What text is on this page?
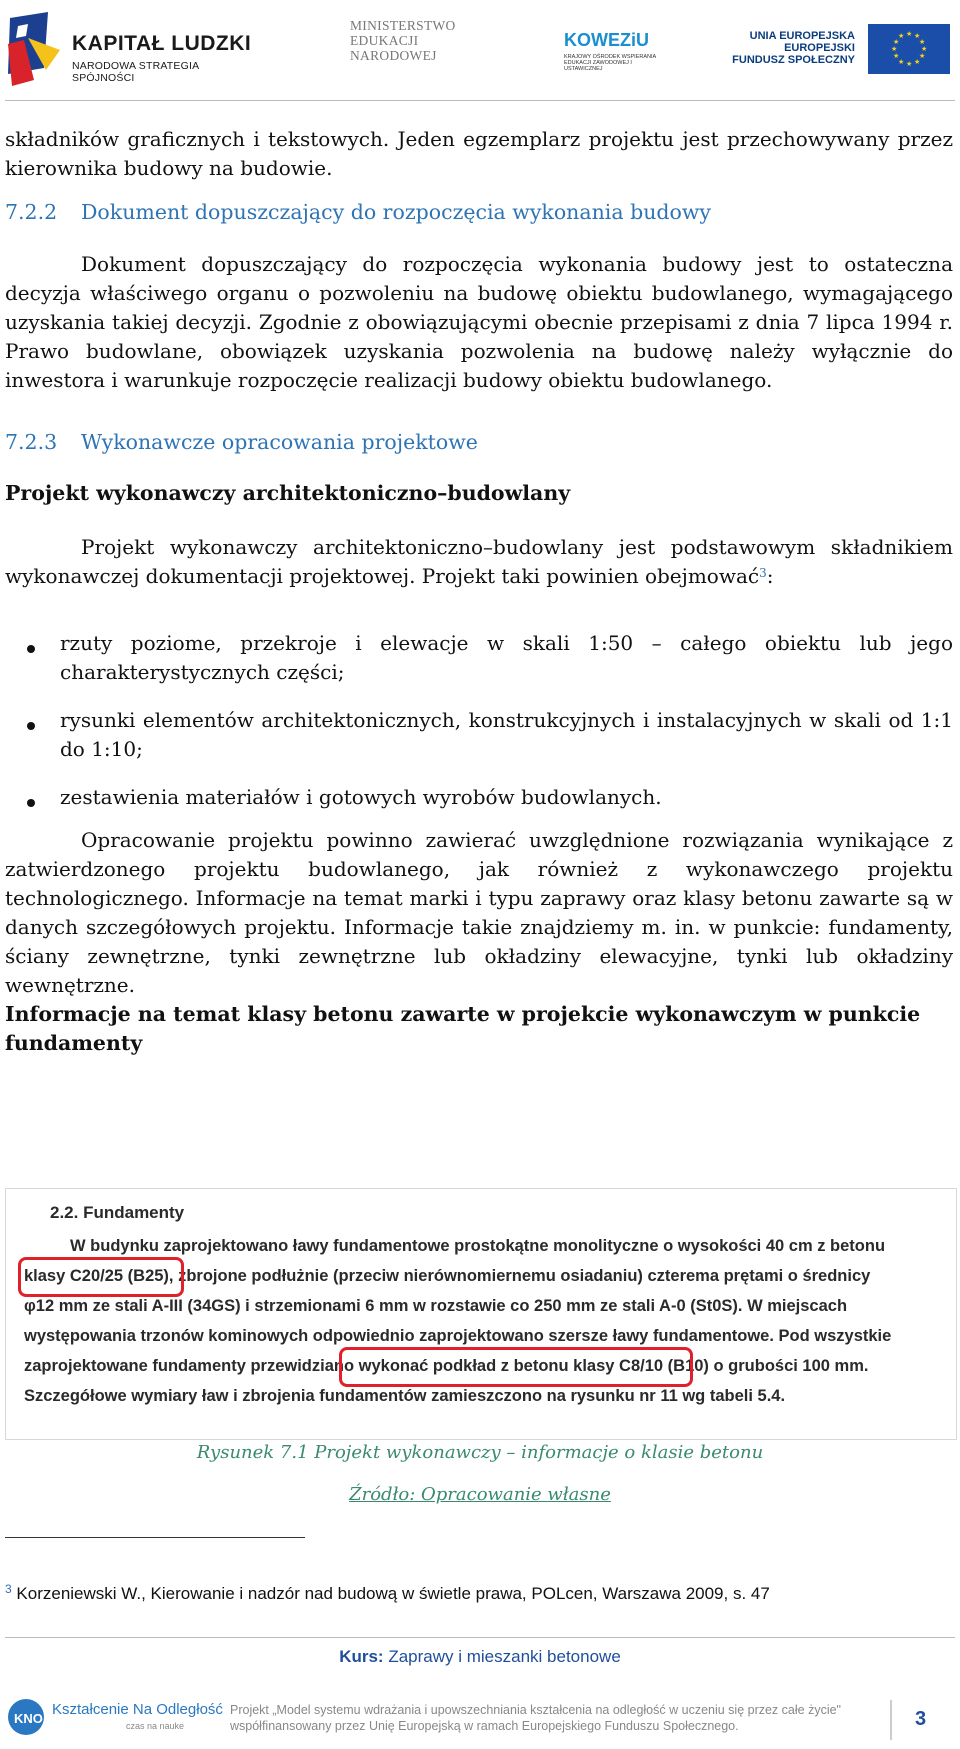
KAPITAŁ LUDZKI
NARODOWA STRATEGIA SPÓJNOŚCI
MINISTERSTWO
EDUKACJI
NARODOWEJ
KOWEZiU
KRAJOWY OŚRODEK WSPIERANIA EDUKACJI ZAWODOWEJ I USTAWICZNEJ
UNIA EUROPEJSKA
EUROPEJSKI
FUNDUSZ SPOŁECZNY
★ ★
★
★
★
★
★
★
★
★
★
★
składników graficznych i tekstowych. Jeden egzemplarz projektu jest przechowywany przez kierownika budowy na budowie.
7.2.2 Dokument dopuszczający do rozpoczęcia wykonania budowy
Dokument dopuszczający do rozpoczęcia wykonania budowy jest to ostateczna decyzja właściwego organu o pozwoleniu na budowę obiektu budowlanego, wymagającego uzyskania takiej decyzji. Zgodnie z obowiązującymi obecnie przepisami z dnia 7 lipca 1994 r. Prawo budowlane, obowiązek uzyskania pozwolenia na budowę należy wyłącznie do inwestora i warunkuje rozpoczęcie realizacji budowy obiektu budowlanego.
7.2.3 Wykonawcze opracowania projektowe
Projekt wykonawczy architektoniczno–budowlany
Projekt wykonawczy architektoniczno–budowlany jest podstawowym składnikiem wykonawczej dokumentacji projektowej. Projekt taki powinien obejmować$^3$:
rzuty poziome, przekroje i elewacje w skali 1:50 – całego obiektu lub jego charakterystycznych części;
rysunki elementów architektonicznych, konstrukcyjnych i instalacyjnych w skali od 1:1 do 1:10;
zestawienia materiałów i gotowych wyrobów budowlanych.
Opracowanie projektu powinno zawierać uwzględnione rozwiązania wynikające z zatwierdzonego projektu budowlanego, jak również z wykonawczego projektu technologicznego. Informacje na temat marki i typu zaprawy oraz klasy betonu zawarte są w danych szczegółowych projektu. Informacje takie znajdziemy m. in. w punkcie: fundamenty, ściany zewnętrzne, tynki zewnętrzne lub okładziny elewacyjne, tynki lub okładziny wewnętrzne.
Informacje na temat klasy betonu zawarte w projekcie wykonawczym w punkcie fundamenty
2.2. Fundamenty
W budynku zaprojektowano ławy fundamentowe prostokątne monolityczne o wysokości 40 cm z betonu
klasy C20/25 (B25), zbrojone podłużnie (przeciw nierównomiernemu osiadaniu) czterema prętami o średnicy
φ12 mm ze stali A-III (34GS) i strzemionami 6 mm w rozstawie co 250 mm ze stali A-0 (St0S). W miejscach
występowania trzonów kominowych odpowiednio zaprojektowano szersze ławy fundamentowe. Pod wszystkie
zaprojektowane fundamenty przewidziano wykonać podkład z betonu klasy C8/10 (B10) o grubości 100 mm.
Szczegółowe wymiary ław i zbrojenia fundamentów zamieszczono na rysunku nr 11 wg tabeli 5.4.
Rysunek 7.1 Projekt wykonawczy – informacje o klasie betonu
Źródło: Opracowanie własne
$^3$ Korzeniewski W., Kierowanie i nadzór nad budową w świetle prawa, POLcen, Warszawa 2009, s. 47
Kurs: Zaprawy i mieszanki betonowe
KNO
Kształcenie Na Odległość
czas na nauke
Projekt „Model systemu wdrażania i upowszechniania kształcenia na odległość w uczeniu się przez całe życie"
współfinansowany przez Unię Europejską w ramach Europejskiego Funduszu Społecznego.	3
